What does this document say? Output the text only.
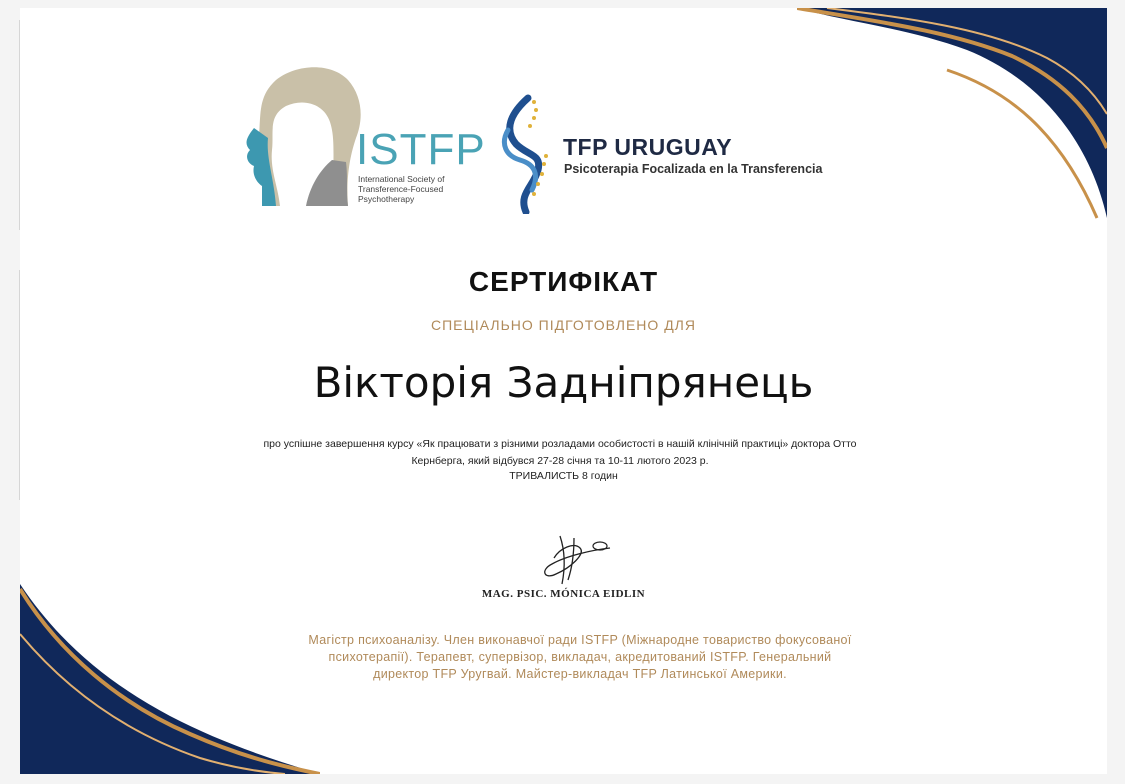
ISTFP
International Society of Transference-Focused Psychotherapy
TFP URUGUAY
Psicoterapia Focalizada en la Transferencia
СЕРТИФІКАТ
СПЕЦІАЛЬНО ПІДГОТОВЛЕНО ДЛЯ
Вікторія Задніпрянець
про успішне завершення курсу «Як працювати з різними розладами особистості в нашій клінічній практиці» доктора Отто Кернберга, який відбувся 27-28 січня та 10-11 лютого 2023 р.
ТРИВАЛИСТЬ 8 годин
MAG. PSIC. MÓNICA EIDLIN
Магістр психоаналізу. Член виконавчої ради ISTFP (Міжнародне товариство фокусованої психотерапії). Терапевт, супервізор, викладач, акредитований ISTFP. Генеральний директор TFP Уругвай. Майстер-викладач TFP Латинської Америки.
